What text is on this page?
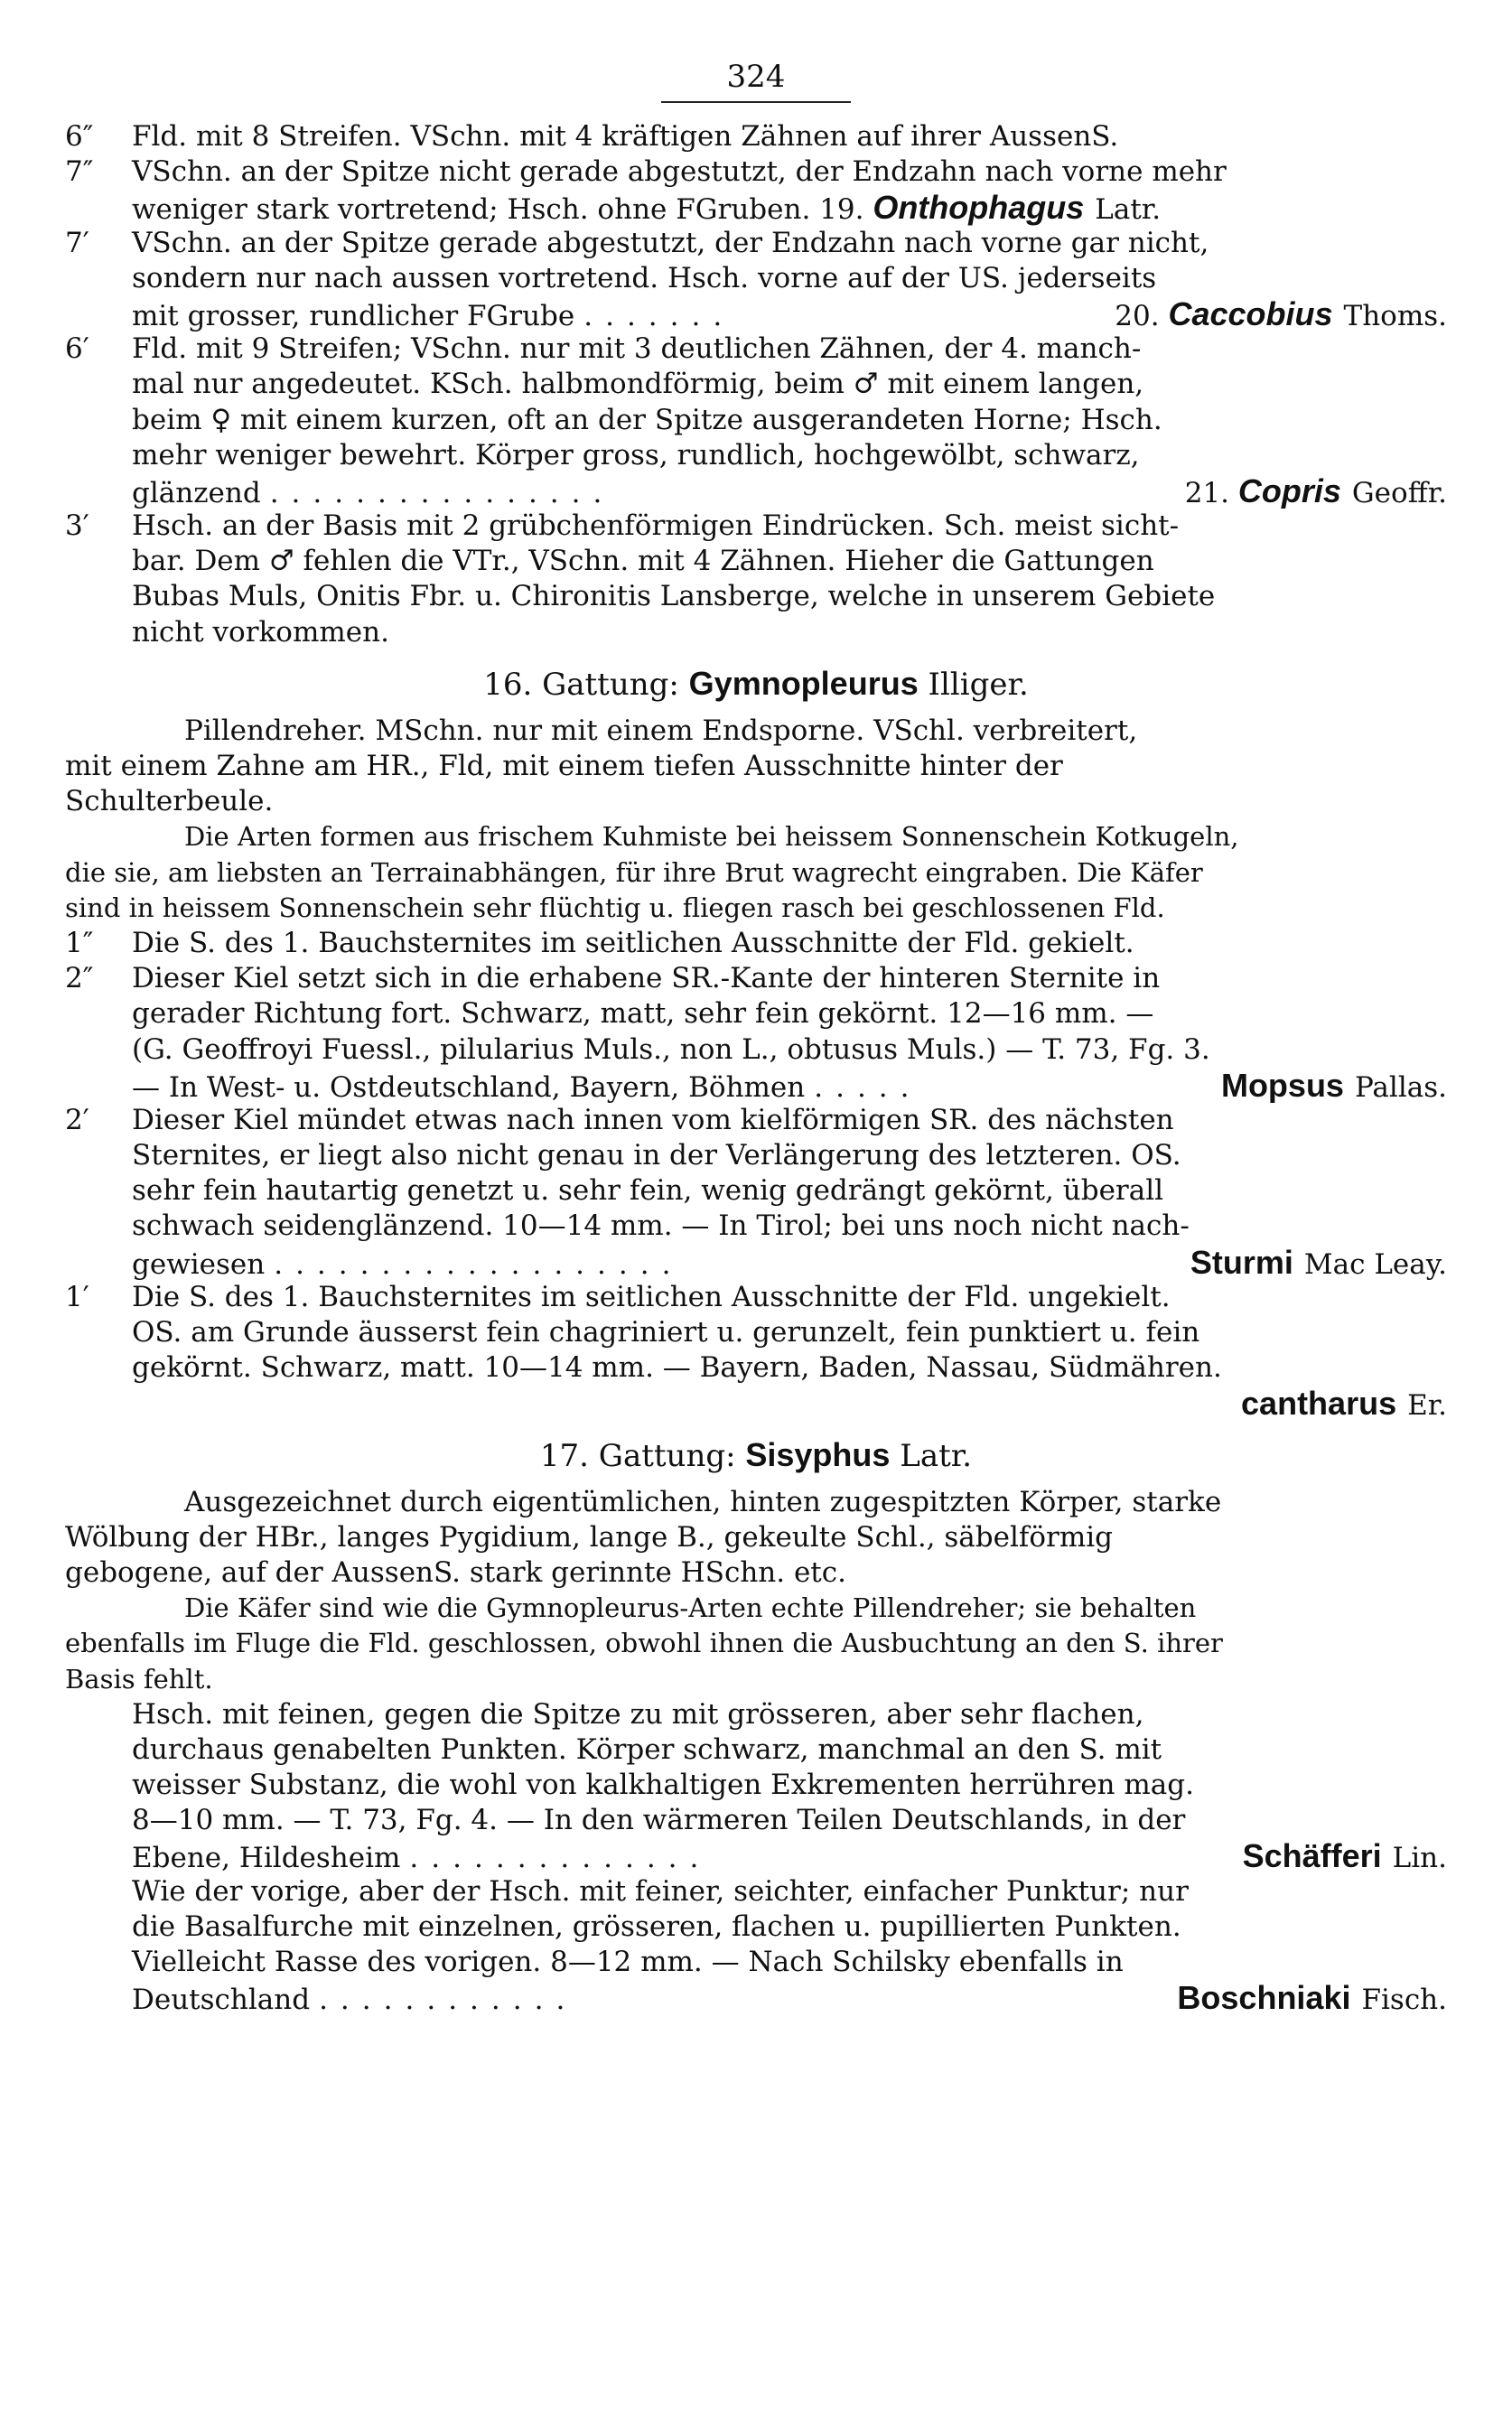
324
6″	Fld. mit 8 Streifen. VSchn. mit 4 kräftigen Zähnen auf ihrer AussenS.
7″	VSchn. an der Spitze nicht gerade abgestutzt, der Endzahn nach vorne mehr
weniger stark vortretend; Hsch. ohne FGruben. 19.
Onthophagus Latr.
7′	VSchn. an der Spitze gerade abgestutzt, der Endzahn nach vorne gar nicht,
sondern nur nach aussen vortretend. Hsch. vorne auf der US. jederseits
mit grosser, rundlicher FGrube .......	20.
Caccobius Thoms.
6′	Fld. mit 9 Streifen; VSchn. nur mit 3 deutlichen Zähnen, der 4. manch-
mal nur angedeutet. KSch. halbmondförmig, beim ♂ mit einem langen,
beim ♀ mit einem kurzen, oft an der Spitze ausgerandeten Horne; Hsch.
mehr weniger bewehrt. Körper gross, rundlich, hochgewölbt, schwarz,
glänzend ................	21.
Copris Geoffr.
3′	Hsch. an der Basis mit 2 grübchenförmigen Eindrücken. Sch. meist sicht-
bar. Dem ♂ fehlen die VTr., VSchn. mit 4 Zähnen. Hieher die Gattungen
Bubas Muls, Onitis Fbr. u. Chironitis Lansberge, welche in unserem Gebiete
nicht vorkommen.
16. Gattung:
Gymnopleurus
Illiger.
Pillendreher. MSchn. nur mit einem Endsporne. VSchl. verbreitert,
mit einem Zahne am HR., Fld, mit einem tiefen Ausschnitte hinter der
Schulterbeule.
Die Arten formen aus frischem Kuhmiste bei heissem Sonnenschein Kotkugeln,
die sie, am liebsten an Terrainabhängen, für ihre Brut wagrecht eingraben. Die Käfer
sind in heissem Sonnenschein sehr flüchtig u. fliegen rasch bei geschlossenen Fld.
1″	Die S. des 1. Bauchsternites im seitlichen Ausschnitte der Fld. gekielt.
2″	Dieser Kiel setzt sich in die erhabene SR.-Kante der hinteren Sternite in
gerader Richtung fort. Schwarz, matt, sehr fein gekörnt. 12—16 mm. —
(G. Geoffroyi Fuessl., pilularius Muls., non L., obtusus Muls.) — T. 73, Fg. 3.
— In West- u. Ostdeutschland, Bayern, Böhmen .....	Mopsus Pallas.
2′	Dieser Kiel mündet etwas nach innen vom kielförmigen SR. des nächsten
Sternites, er liegt also nicht genau in der Verlängerung des letzteren. OS.
sehr fein hautartig genetzt u. sehr fein, wenig gedrängt gekörnt, überall
schwach seidenglänzend. 10—14 mm. — In Tirol; bei uns noch nicht nach-
gewiesen ...................	Sturmi Mac Leay.
1′	Die S. des 1. Bauchsternites im seitlichen Ausschnitte der Fld. ungekielt.
OS. am Grunde äusserst fein chagriniert u. gerunzelt, fein punktiert u. fein
gekörnt. Schwarz, matt. 10—14 mm. — Bayern, Baden, Nassau, Südmähren.
cantharus Er.
17. Gattung:
Sisyphus
Latr.
Ausgezeichnet durch eigentümlichen, hinten zugespitzten Körper, starke
Wölbung der HBr., langes Pygidium, lange B., gekeulte Schl., säbelförmig
gebogene, auf der AussenS. stark gerinnte HSchn. etc.
Die Käfer sind wie die Gymnopleurus-Arten echte Pillendreher; sie behalten
ebenfalls im Fluge die Fld. geschlossen, obwohl ihnen die Ausbuchtung an den S. ihrer
Basis fehlt.
Hsch. mit feinen, gegen die Spitze zu mit grösseren, aber sehr flachen,
durchaus genabelten Punkten. Körper schwarz, manchmal an den S. mit
weisser Substanz, die wohl von kalkhaltigen Exkrementen herrühren mag.
8—10 mm. — T. 73, Fg. 4. — In den wärmeren Teilen Deutschlands, in der
Ebene, Hildesheim ..............	Schäfferi Lin.
Wie der vorige, aber der Hsch. mit feiner, seichter, einfacher Punktur; nur
die Basalfurche mit einzelnen, grösseren, flachen u. pupillierten Punkten.
Vielleicht Rasse des vorigen. 8—12 mm. — Nach Schilsky ebenfalls in
Deutschland ............	Boschniaki Fisch.
